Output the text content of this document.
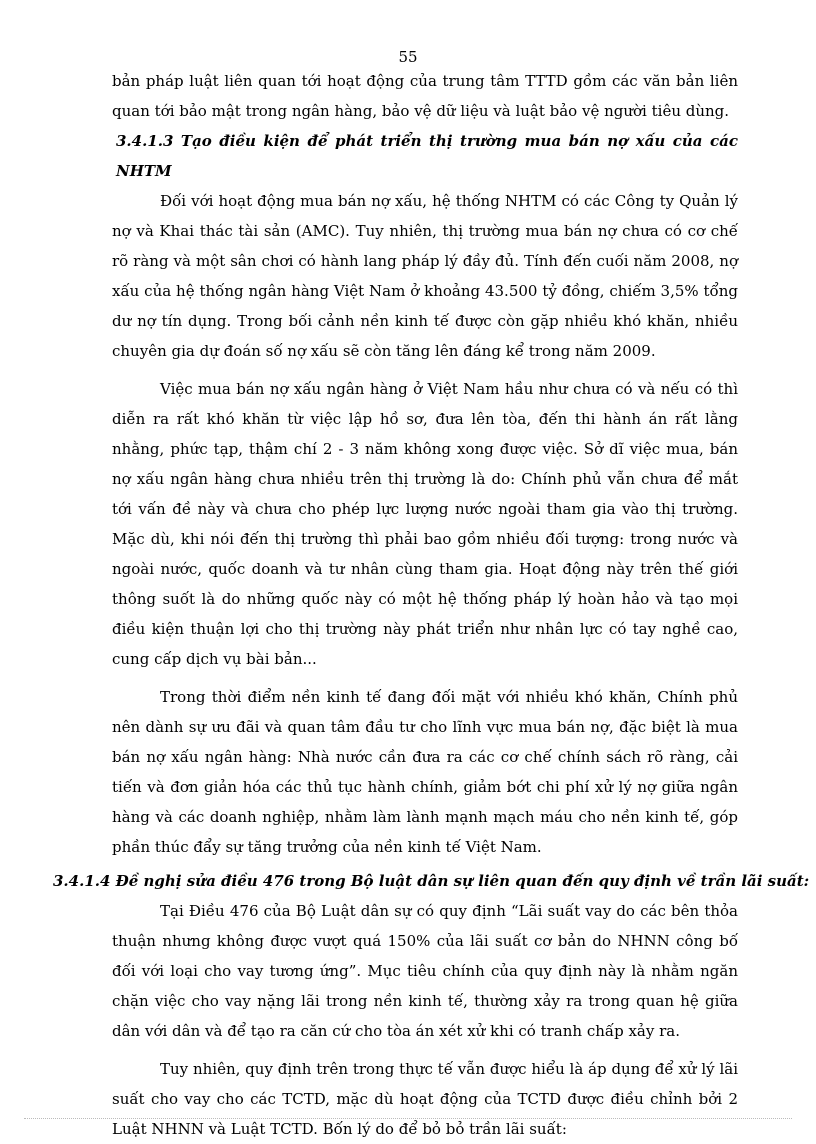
55

bản pháp luật liên quan tới hoạt động của trung tâm TTTD gồm các văn bản liên quan tới bảo mật trong ngân hàng, bảo vệ dữ liệu và luật bảo vệ người tiêu dùng.

3.4.1.3 Tạo điều kiện để phát triển thị trường mua bán nợ xấu của các NHTM

Đối với hoạt động mua bán nợ xấu, hệ thống NHTM có các Công ty Quản lý nợ và Khai thác tài sản (AMC). Tuy nhiên, thị trường mua bán nợ chưa có cơ chế rõ ràng và một sân chơi có hành lang pháp lý đầy đủ. Tính đến cuối năm 2008, nợ xấu của hệ thống ngân hàng Việt Nam ở khoảng 43.500 tỷ đồng, chiếm 3,5% tổng dư nợ tín dụng. Trong bối cảnh nền kinh tế được còn gặp nhiều khó khăn, nhiều chuyên gia dự đoán số nợ xấu sẽ còn tăng lên đáng kể trong năm 2009.

Việc mua bán nợ xấu ngân hàng ở Việt Nam hầu như chưa có và nếu có thì diễn ra rất khó khăn từ việc lập hồ sơ, đưa lên tòa, đến thi hành án rất lằng nhằng, phức tạp, thậm chí 2 - 3 năm không xong được việc. Sở dĩ việc mua, bán nợ xấu ngân hàng chưa nhiều trên thị trường là do: Chính phủ vẫn chưa để mắt tới vấn đề này và chưa cho phép lực lượng nước ngoài tham gia vào thị trường. Mặc dù, khi nói đến thị trường thì phải bao gồm nhiều đối tượng: trong nước và ngoài nước, quốc doanh và tư nhân cùng tham gia. Hoạt động này trên thế giới thông suốt là do những quốc này có một hệ thống pháp lý hoàn hảo và tạo mọi điều kiện thuận lợi cho thị trường này phát triển như nhân lực có tay nghề cao, cung cấp dịch vụ bài bản...

Trong thời điểm nền kinh tế đang đối mặt với nhiều khó khăn, Chính phủ nên dành sự ưu đãi và quan tâm đầu tư cho lĩnh vực mua bán nợ, đặc biệt là mua bán nợ xấu ngân hàng: Nhà nước cần đưa ra các cơ chế chính sách rõ ràng, cải tiến và đơn giản hóa các thủ tục hành chính, giảm bớt chi phí xử lý nợ giữa ngân hàng và các doanh nghiệp, nhằm làm lành mạnh mạch máu cho nền kinh tế, góp phần thúc đẩy sự tăng trưởng của nền kinh tế Việt Nam.

3.4.1.4 Đề nghị sửa điều 476 trong Bộ luật dân sự liên quan đến quy định về trần lãi suất:

Tại Điều 476 của Bộ Luật dân sự có quy định “Lãi suất vay do các bên thỏa thuận nhưng không được vượt quá 150% của lãi suất cơ bản do NHNN công bố đối với loại cho vay tương ứng”. Mục tiêu chính của quy định này là nhằm ngăn chặn việc cho vay nặng lãi trong nền kinh tế, thường xảy ra trong quan hệ giữa dân với dân và để tạo ra căn cứ cho tòa án xét xử khi có tranh chấp xảy ra.

Tuy nhiên, quy định trên trong thực tế vẫn được hiểu là áp dụng để xử lý lãi suất cho vay cho các TCTD, mặc dù hoạt động của TCTD được điều chỉnh bởi 2 Luật NHNN và Luật TCTD. Bốn lý do để bỏ bỏ trần lãi suất:
